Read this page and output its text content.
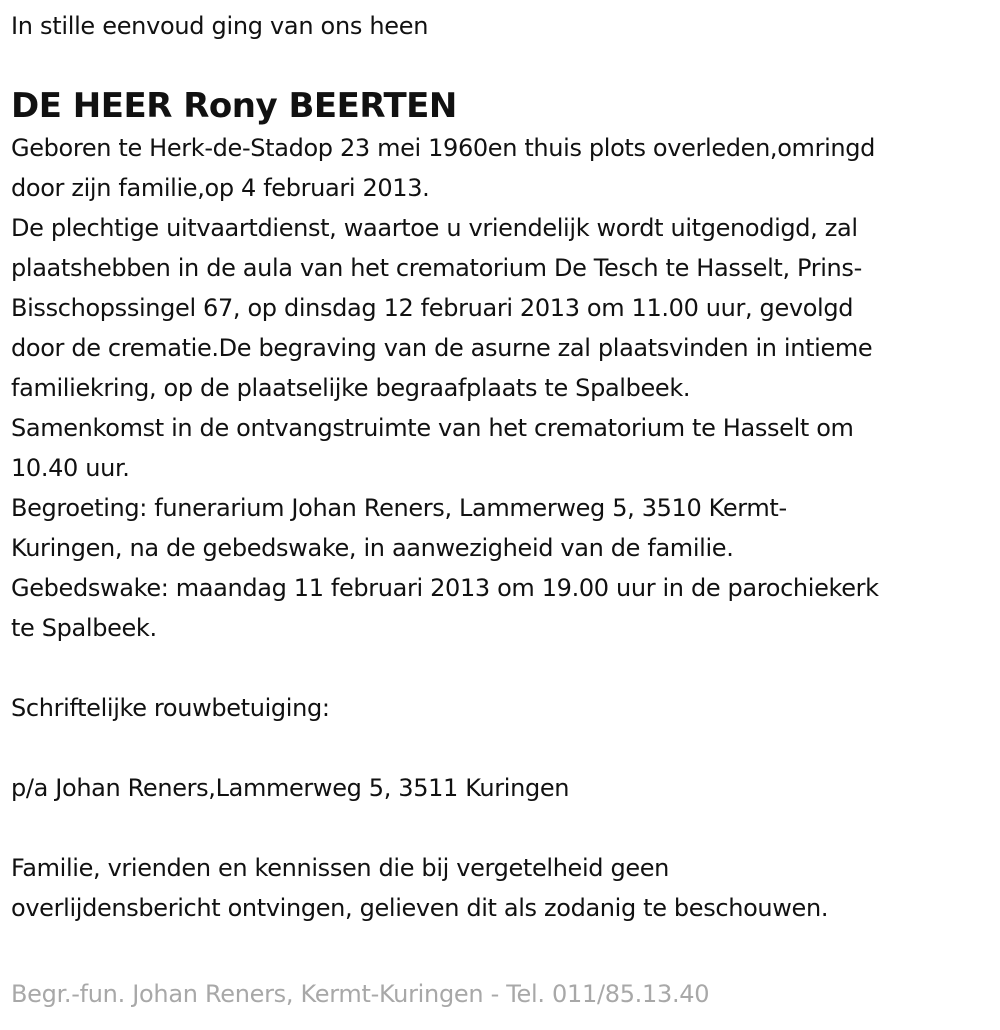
In stille eenvoud ging van ons heen

DE HEER Rony BEERTEN

Geboren te Herk-de-Stadop 23 mei 1960en thuis plots overleden,omringd

door zijn familie,op 4 februari 2013.

De plechtige uitvaartdienst, waartoe u vriendelijk wordt uitgenodigd, zal

plaatshebben in de aula van het crematorium De Tesch te Hasselt, Prins-

Bisschopssingel 67, op dinsdag 12 februari 2013 om 11.00 uur, gevolgd

door de crematie.De begraving van de asurne zal plaatsvinden in intieme

familiekring, op de plaatselijke begraafplaats te Spalbeek.

Samenkomst in de ontvangstruimte van het crematorium te Hasselt om

10.40 uur.

Begroeting: funerarium Johan Reners, Lammerweg 5, 3510 Kermt-

Kuringen, na de gebedswake, in aanwezigheid van de familie.

Gebedswake: maandag 11 februari 2013 om 19.00 uur in de parochiekerk

te Spalbeek.

Schriftelijke rouwbetuiging:

p/a Johan Reners,Lammerweg 5, 3511 Kuringen

Familie, vrienden en kennissen die bij vergetelheid geen

overlijdensbericht ontvingen, gelieven dit als zodanig te beschouwen.

Begr.-fun. Johan Reners, Kermt-Kuringen - Tel. 011/85.13.40
